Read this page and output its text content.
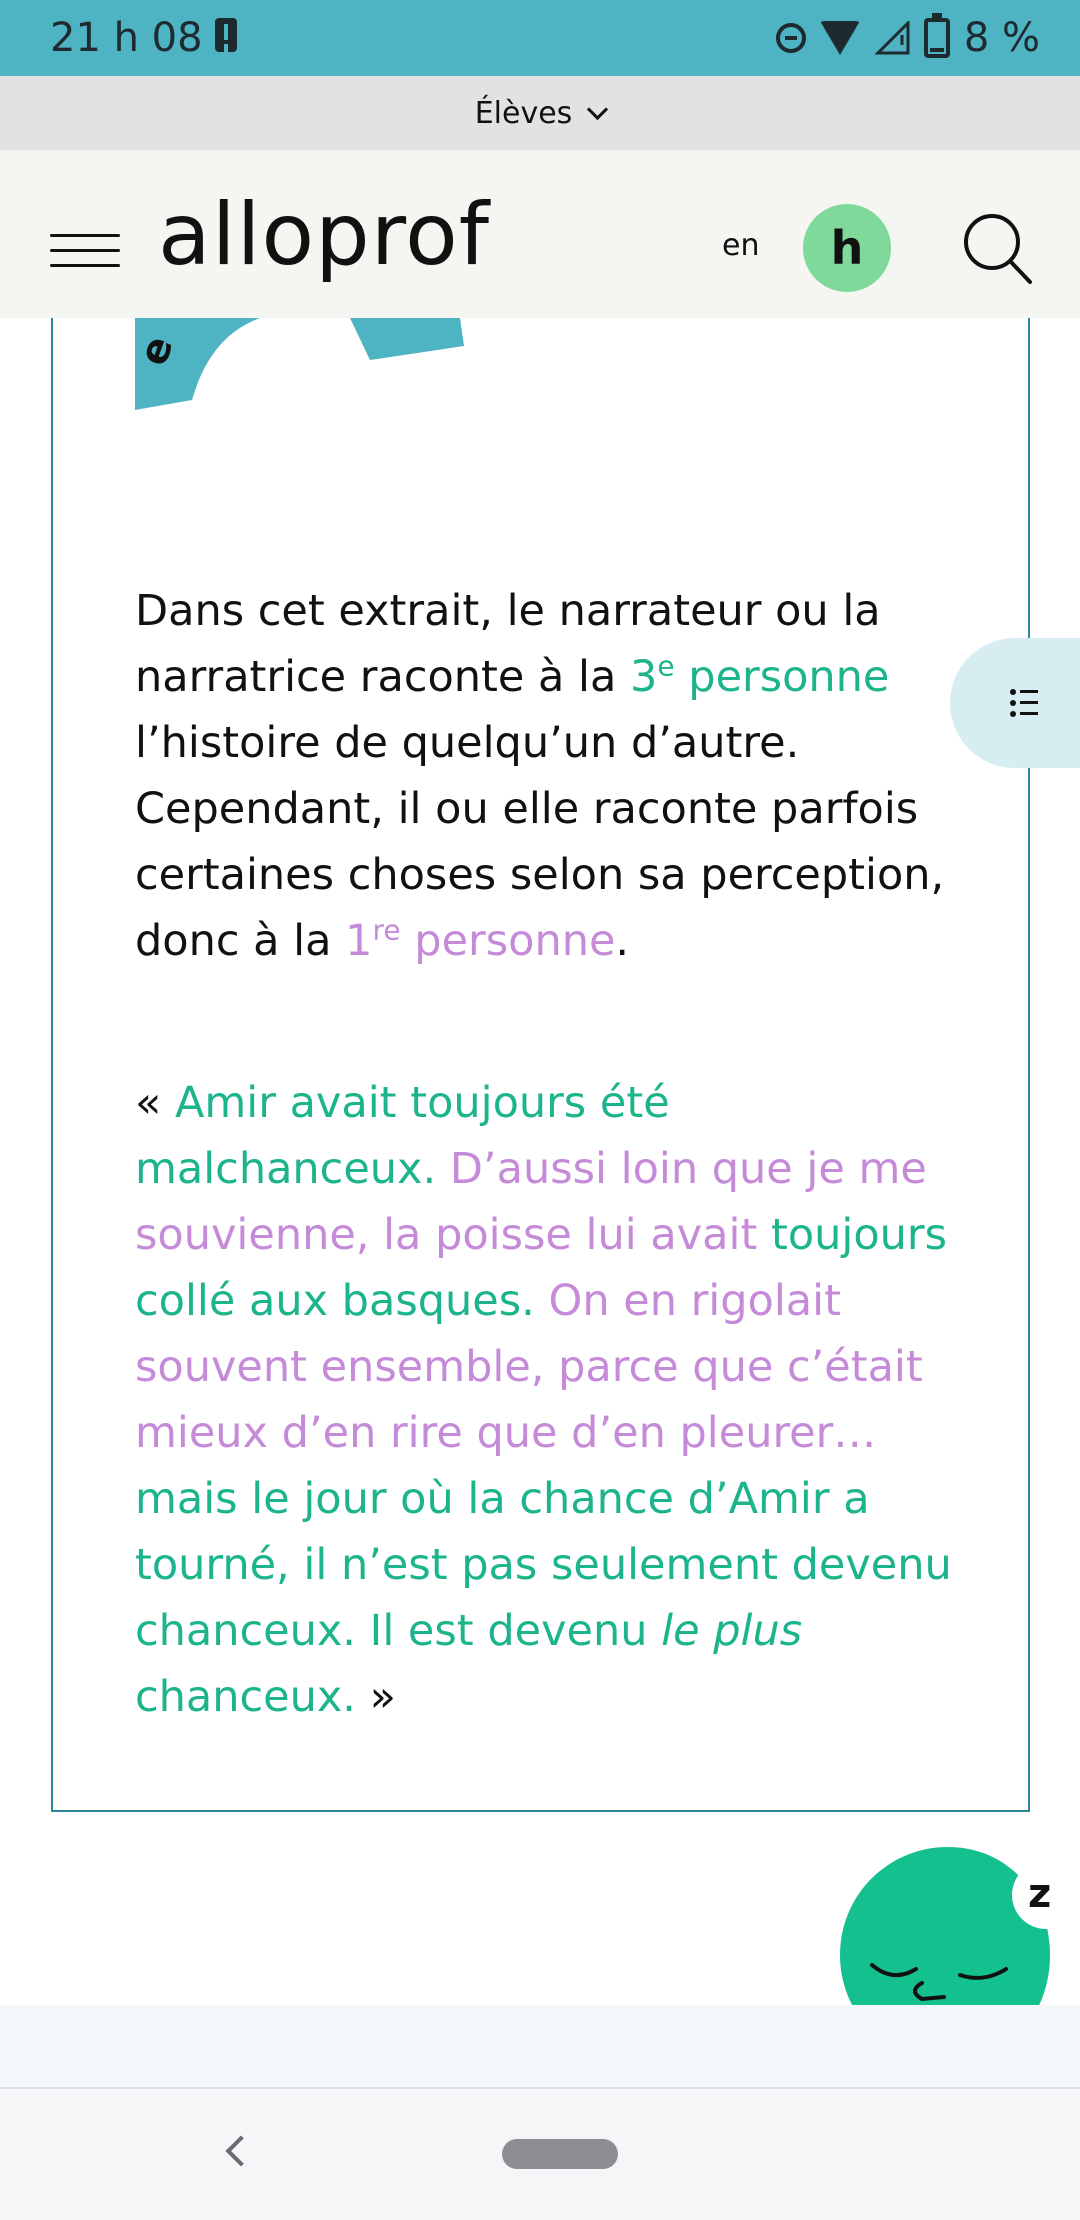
21 h 08	8 %
Élèves
alloprof	en h
e
Dans cet extrait, le narrateur ou la narratrice raconte à la 3e personne l’histoire de quelqu’un d’autre. Cependant, il ou elle raconte parfois certaines choses selon sa perception, donc à la 1re personne.
« Amir avait toujours été malchanceux. D’aussi loin que je me souvienne, la poisse lui avait toujours collé aux basques. On en rigolait souvent ensemble, parce que c’était mieux d’en rire que d’en pleurer… mais le jour où la chance d’Amir a tourné, il n’est pas seulement devenu chanceux. Il est devenu le plus chanceux. »
z
